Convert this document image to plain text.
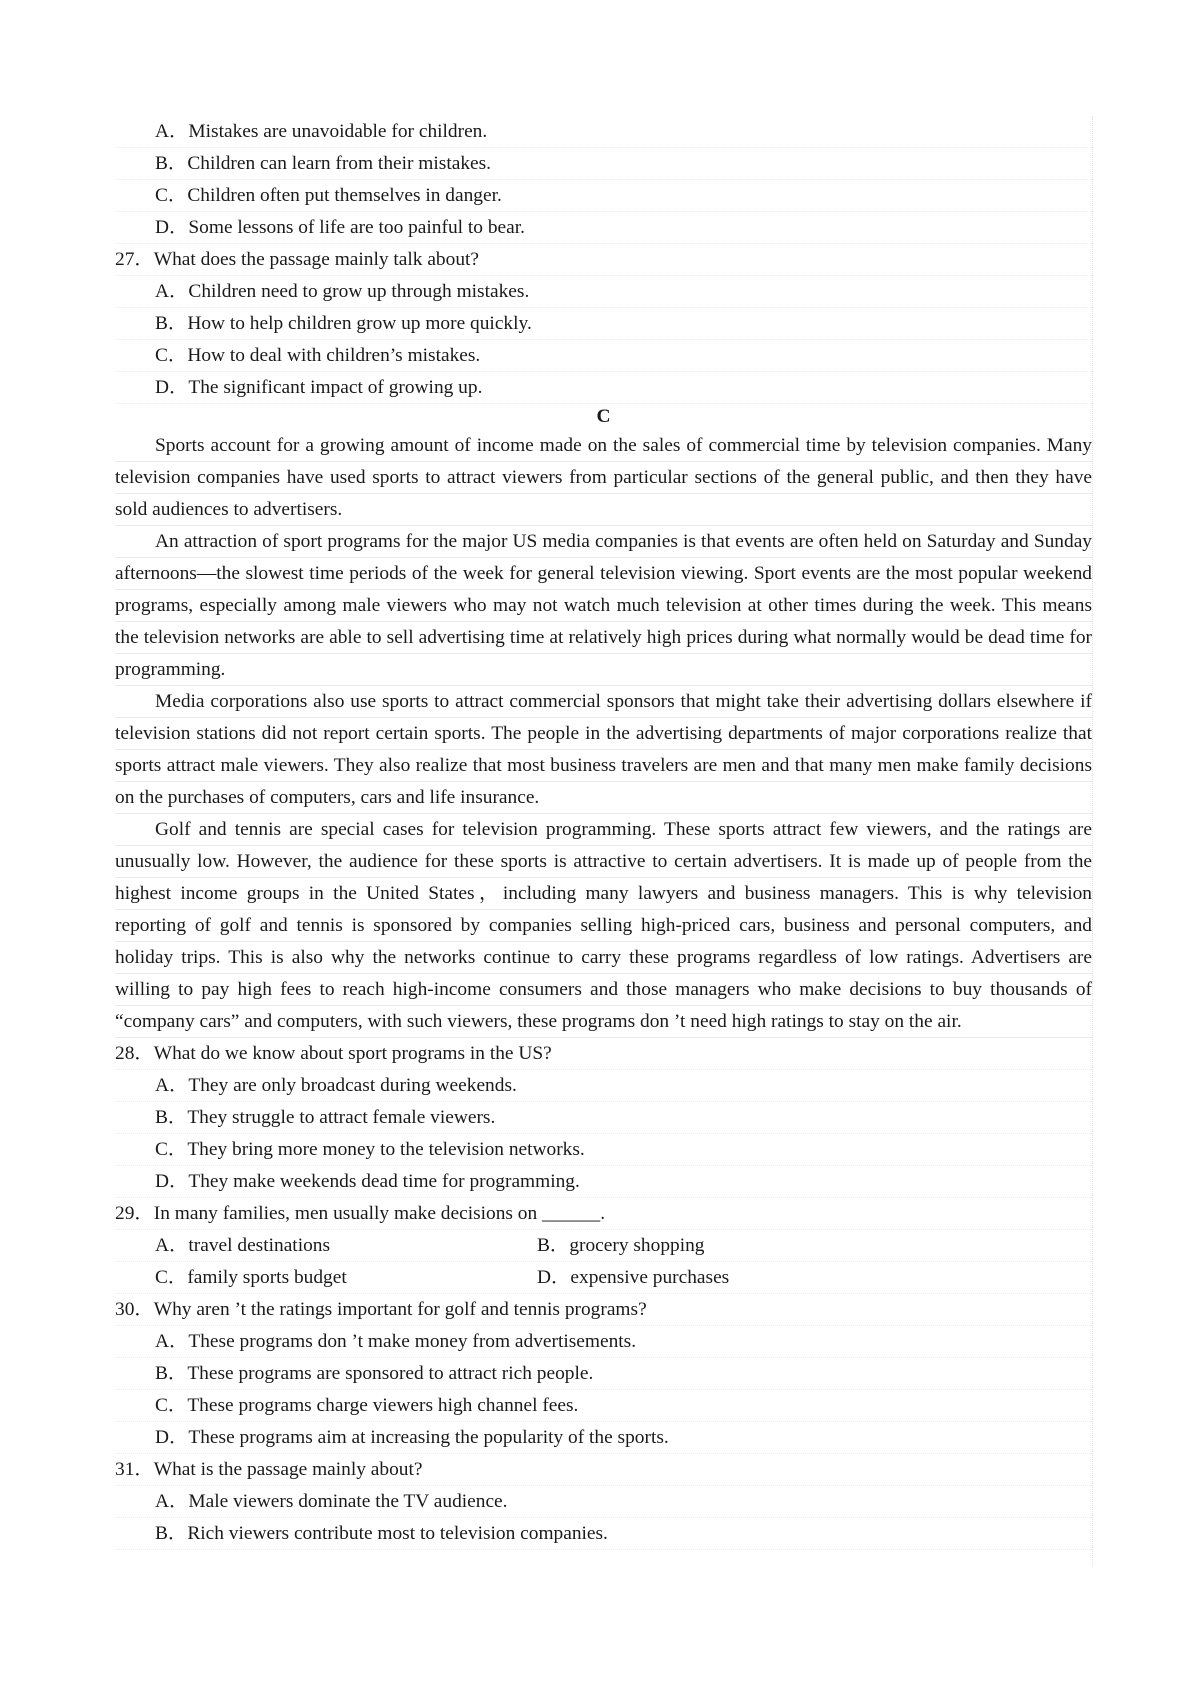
A．Mistakes are unavoidable for children.
B．Children can learn from their mistakes.
C．Children often put themselves in danger.
D．Some lessons of life are too painful to bear.
27．What does the passage mainly talk about?
A．Children need to grow up through mistakes.
B．How to help children grow up more quickly.
C．How to deal with children’s mistakes.
D．The significant impact of growing up.
C
Sports account for a growing amount of income made on the sales of commercial time by television companies. Many television companies have used sports to attract viewers from particular sections of the general public, and then they have sold audiences to advertisers.
An attraction of sport programs for the major US media companies is that events are often held on Saturday and Sunday afternoons—the slowest time periods of the week for general television viewing. Sport events are the most popular weekend programs, especially among male viewers who may not watch much television at other times during the week. This means the television networks are able to sell advertising time at relatively high prices during what normally would be dead time for programming.
Media corporations also use sports to attract commercial sponsors that might take their advertising dollars elsewhere if television stations did not report certain sports. The people in the advertising departments of major corporations realize that sports attract male viewers. They also realize that most business travelers are men and that many men make family decisions on the purchases of computers, cars and life insurance.
Golf and tennis are special cases for television programming. These sports attract few viewers, and the ratings are unusually low. However, the audience for these sports is attractive to certain advertisers. It is made up of people from the highest income groups in the United States，including many lawyers and business managers. This is why television reporting of golf and tennis is sponsored by companies selling high-priced cars, business and personal computers, and holiday trips. This is also why the networks continue to carry these programs regardless of low ratings. Advertisers are willing to pay high fees to reach high-income consumers and those managers who make decisions to buy thousands of “company cars” and computers, with such viewers, these programs don ’t need high ratings to stay on the air.
28．What do we know about sport programs in the US?
A．They are only broadcast during weekends.
B．They struggle to attract female viewers.
C．They bring more money to the television networks.
D．They make weekends dead time for programming.
29．In many families, men usually make decisions on ______.
A．travel destinations	B．grocery shopping
C．family sports budget	D．expensive purchases
30．Why aren ’t the ratings important for golf and tennis programs?
A．These programs don ’t make money from advertisements.
B．These programs are sponsored to attract rich people.
C．These programs charge viewers high channel fees.
D．These programs aim at increasing the popularity of the sports.
31．What is the passage mainly about?
A．Male viewers dominate the TV audience.
B．Rich viewers contribute most to television companies.
